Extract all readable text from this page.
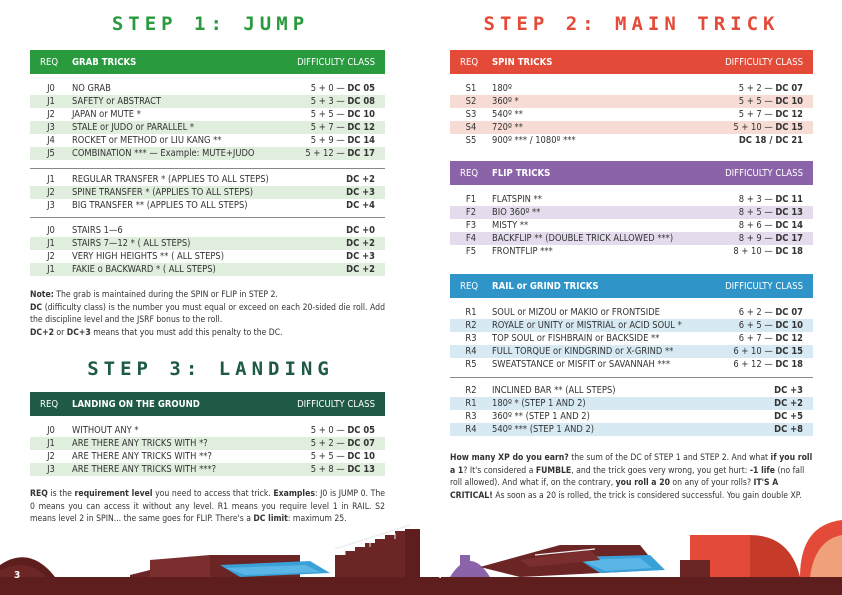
STEP 1: JUMP
REQ	GRAB TRICKS	DIFFICULTY CLASS
J0	NO GRAB	5 + 0 — DC 05
J1	SAFETY or ABSTRACT	5 + 3 — DC 08
J2	JAPAN or MUTE *	5 + 5 — DC 10
J3	STALE or JUDO or PARALLEL *	5 + 7 — DC 12
J4	ROCKET or METHOD or LIU KANG **	5 + 9 — DC 14
J5	COMBINATION *** — Example: MUTE+JUDO	5 + 12 — DC 17
J1	REGULAR TRANSFER * (APPLIES TO ALL STEPS)	DC +2
J2	SPINE TRANSFER * (APPLIES TO ALL STEPS)	DC +3
J3	BIG TRANSFER ** (APPLIES TO ALL STEPS)	DC +4
J0	STAIRS 1—6	DC +0
J1	STAIRS 7—12 * ( ALL STEPS)	DC +2
J2	VERY HIGH HEIGHTS ** ( ALL STEPS)	DC +3
J1	FAKIE o BACKWARD * ( ALL STEPS)	DC +2
Note: The grab is maintained during the SPIN or FLIP in STEP 2.
DC (difficulty class) is the number you must equal or exceed on each 20-sided die roll. Add the discipline level and the JSRF bonus to the roll.
DC+2 or DC+3 means that you must add this penalty to the DC.
STEP 3: LANDING
REQ	LANDING ON THE GROUND	DIFFICULTY CLASS
J0	WITHOUT ANY *	5 + 0 — DC 05
J1	ARE THERE ANY TRICKS WITH *?	5 + 2 — DC 07
J2	ARE THERE ANY TRICKS WITH **?	5 + 5 — DC 10
J3	ARE THERE ANY TRICKS WITH ***?	5 + 8 — DC 13
REQ is the requirement level you need to access that trick. Examples: J0 is JUMP 0. The 0 means you can access it without any level. R1 means you require level 1 in RAIL. S2 means level 2 in SPIN... the same goes for FLIP. There's a DC limit: maximum 25.
STEP 2: MAIN TRICK
REQ	SPIN TRICKS	DIFFICULTY CLASS
S1	180º	5 + 2 — DC 07
S2	360º *	5 + 5 — DC 10
S3	540º **	5 + 7 — DC 12
S4	720º **	5 + 10 — DC 15
S5	900º *** / 1080º ***	DC 18 / DC 21
REQ	FLIP TRICKS	DIFFICULTY CLASS
F1	FLATSPIN **	8 + 3 — DC 11
F2	BIO 360º **	8 + 5 — DC 13
F3	MISTY **	8 + 6 — DC 14
F4	BACKFLIP ** (DOUBLE TRICK ALLOWED ***)	8 + 9 — DC 17
F5	FRONTFLIP ***	8 + 10 — DC 18
REQ	RAIL or GRIND TRICKS	DIFFICULTY CLASS
R1	SOUL or MIZOU or MAKIO or FRONTSIDE	6 + 2 — DC 07
R2	ROYALE or UNITY or MISTRIAL or ACID SOUL *	6 + 5 — DC 10
R3	TOP SOUL or FISHBRAIN or BACKSIDE **	6 + 7 — DC 12
R4	FULL TORQUE or KINDGRIND or X-GRIND **	6 + 10 — DC 15
R5	SWEATSTANCE or MISFIT or SAVANNAH ***	6 + 12 — DC 18
R2	INCLINED BAR ** (ALL STEPS)	DC +3
R1	180º * (STEP 1 AND 2)	DC +2
R3	360º ** (STEP 1 AND 2)	DC +5
R4	540º *** (STEP 1 AND 2)	DC +8
How many XP do you earn? the sum of the DC of STEP 1 and STEP 2. And what if you roll a 1? It's considered a FUMBLE, and the trick goes very wrong, you get hurt: -1 life (no fall roll allowed). And what if, on the contrary, you roll a 20 on any of your rolls? IT'S A CRITICAL! As soon as a 20 is rolled, the trick is considered successful. You gain double XP.
3	4
